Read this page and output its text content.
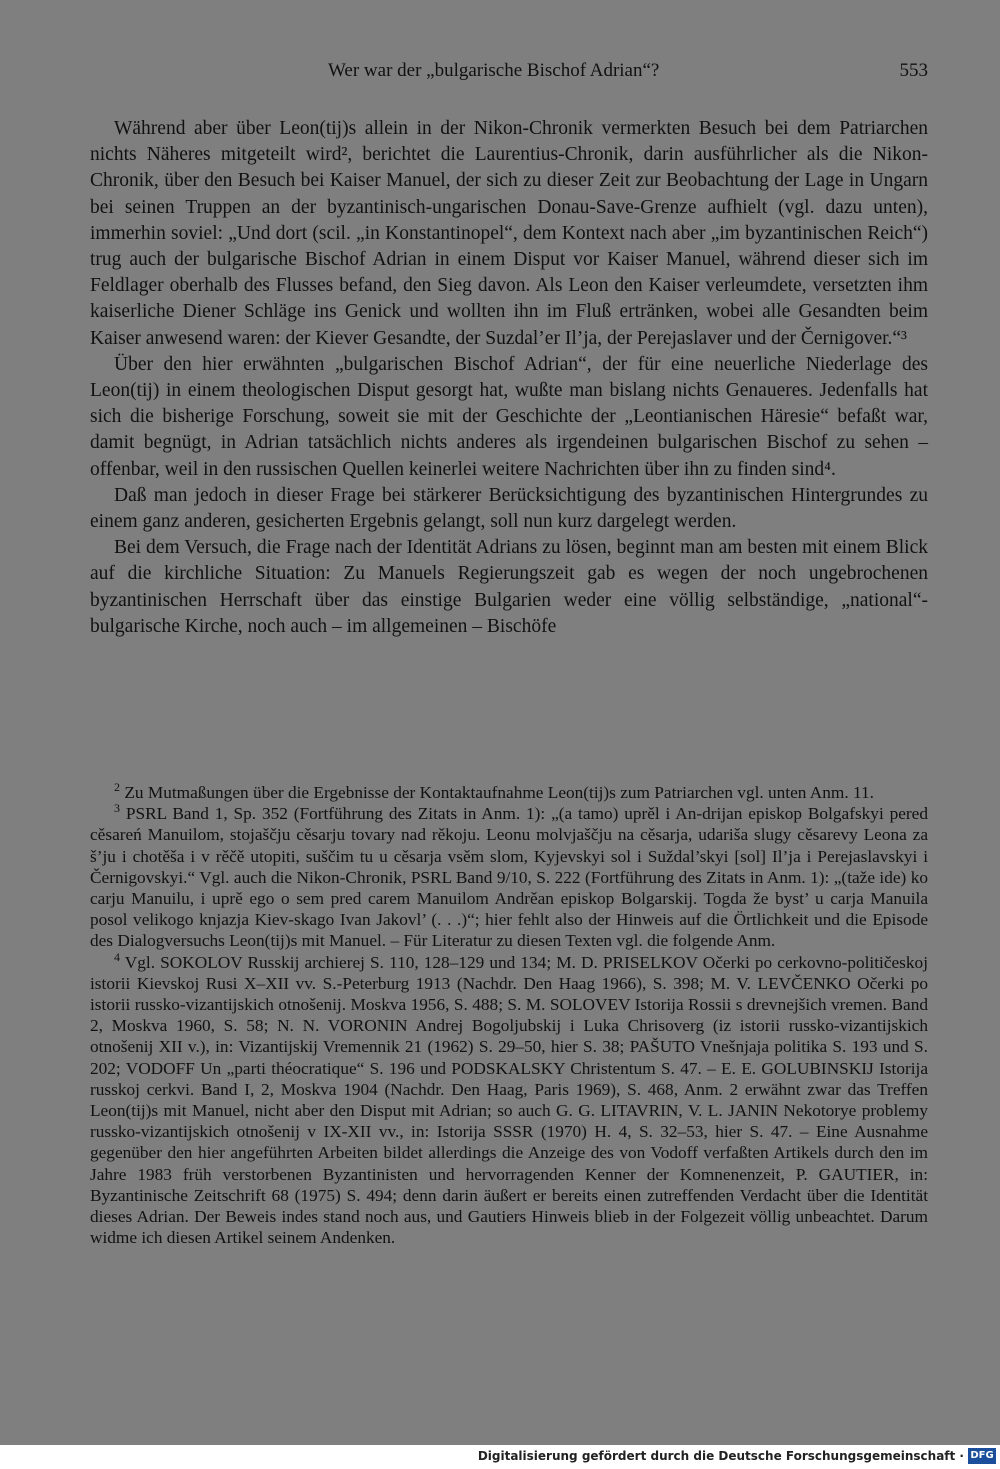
Wer war der „bulgarische Bischof Adrian“?	553

Während aber über Leon(tij)s allein in der Nikon-Chronik vermerkten Besuch bei dem Patriarchen nichts Näheres mitgeteilt wird², berichtet die Laurentius-Chronik, darin ausführlicher als die Nikon-Chronik, über den Besuch bei Kaiser Manuel, der sich zu dieser Zeit zur Beobachtung der Lage in Ungarn bei seinen Truppen an der byzantinisch-ungarischen Donau-Save-Grenze aufhielt (vgl. dazu unten), immerhin soviel: „Und dort (scil. „in Konstantinopel“, dem Kontext nach aber „im byzantinischen Reich“) trug auch der bulgarische Bischof Adrian in einem Disput vor Kaiser Manuel, während dieser sich im Feldlager oberhalb des Flusses befand, den Sieg davon. Als Leon den Kaiser verleumdete, versetzten ihm kaiserliche Diener Schläge ins Genick und wollten ihn im Fluß ertränken, wobei alle Gesandten beim Kaiser anwesend waren: der Kiever Gesandte, der Suzdal’er Il’ja, der Perejaslaver und der Černigover.“³

Über den hier erwähnten „bulgarischen Bischof Adrian“, der für eine neuerliche Niederlage des Leon(tij) in einem theologischen Disput gesorgt hat, wußte man bislang nichts Genaueres. Jedenfalls hat sich die bisherige Forschung, soweit sie mit der Geschichte der „Leontianischen Häresie“ befaßt war, damit begnügt, in Adrian tatsächlich nichts anderes als irgendeinen bulgarischen Bischof zu sehen – offenbar, weil in den russischen Quellen keinerlei weitere Nachrichten über ihn zu finden sind⁴.

Daß man jedoch in dieser Frage bei stärkerer Berücksichtigung des byzantinischen Hintergrundes zu einem ganz anderen, gesicherten Ergebnis gelangt, soll nun kurz dargelegt werden.

Bei dem Versuch, die Frage nach der Identität Adrians zu lösen, beginnt man am besten mit einem Blick auf die kirchliche Situation: Zu Manuels Regierungszeit gab es wegen der noch ungebrochenen byzantinischen Herrschaft über das einstige Bulgarien weder eine völlig selbständige, „national“-bulgarische Kirche, noch auch – im allgemeinen – Bischöfe

$^2$ Zu Mutmaßungen über die Ergebnisse der Kontaktaufnahme Leon(tij)s zum Patriarchen vgl. unten Anm. 11.

$^3$ PSRL Band 1, Sp. 352 (Fortführung des Zitats in Anm. 1): „(a tamo) uprěl i An-drijan episkop Bolgafskyi pered cěsareń Manuilom, stojaščju cěsarju tovary nad rěkoju. Leonu molvjaščju na cěsarja, udariša slugy cěsarevy Leona za š’ju i chotěša i v rěčě utopiti, suščim tu u cěsarja vsěm slom, Kyjevskyi sol i Suždal’skyi [sol] Il’ja i Perejaslavskyi i Černigovskyi.“ Vgl. auch die Nikon-Chronik, PSRL Band 9/10, S. 222 (Fortführung des Zitats in Anm. 1): „(taže ide) ko carju Manuilu, i uprě ego o sem pred carem Manuilom Andrěan episkop Bolgarskij. Togda že byst’ u carja Manuila posol velikogo knjazja Kiev-skago Ivan Jakovl’ (. . .)“; hier fehlt also der Hinweis auf die Örtlichkeit und die Episode des Dialogversuchs Leon(tij)s mit Manuel. – Für Literatur zu diesen Texten vgl. die folgende Anm.

$^4$ Vgl. SOKOLOV Russkij archierej S. 110, 128–129 und 134; M. D. PRISELKOV Očerki po cerkovno-političeskoj istorii Kievskoj Rusi X–XII vv. S.-Peterburg 1913 (Nachdr. Den Haag 1966), S. 398; M. V. LEVČENKO Očerki po istorii russko-vizantijskich otnošenij. Moskva 1956, S. 488; S. M. SOLOVEV Istorija Rossii s drevnejšich vremen. Band 2, Moskva 1960, S. 58; N. N. VORONIN Andrej Bogoljubskij i Luka Chrisoverg (iz istorii russko-vizantijskich otnošenij XII v.), in: Vizantijskij Vremennik 21 (1962) S. 29–50, hier S. 38; PAŠUTO Vnešnjaja politika S. 193 und S. 202; VODOFF Un „parti théocratique“ S. 196 und PODSKALSKY Christentum S. 47. – E. E. GOLUBINSKIJ Istorija russkoj cerkvi. Band I, 2, Moskva 1904 (Nachdr. Den Haag, Paris 1969), S. 468, Anm. 2 erwähnt zwar das Treffen Leon(tij)s mit Manuel, nicht aber den Disput mit Adrian; so auch G. G. LITAVRIN, V. L. JANIN Nekotorye problemy russko-vizantijskich otnošenij v IX-XII vv., in: Istorija SSSR (1970) H. 4, S. 32–53, hier S. 47. – Eine Ausnahme gegenüber den hier angeführten Arbeiten bildet allerdings die Anzeige des von Vodoff verfaßten Artikels durch den im Jahre 1983 früh verstorbenen Byzantinisten und hervorragenden Kenner der Komnenenzeit, P. GAUTIER, in: Byzantinische Zeitschrift 68 (1975) S. 494; denn darin äußert er bereits einen zutreffenden Verdacht über die Identität dieses Adrian. Der Beweis indes stand noch aus, und Gautiers Hinweis blieb in der Folgezeit völlig unbeachtet. Darum widme ich diesen Artikel seinem Andenken.

Digitalisierung gefördert durch die Deutsche Forschungsgemeinschaft · DFG
